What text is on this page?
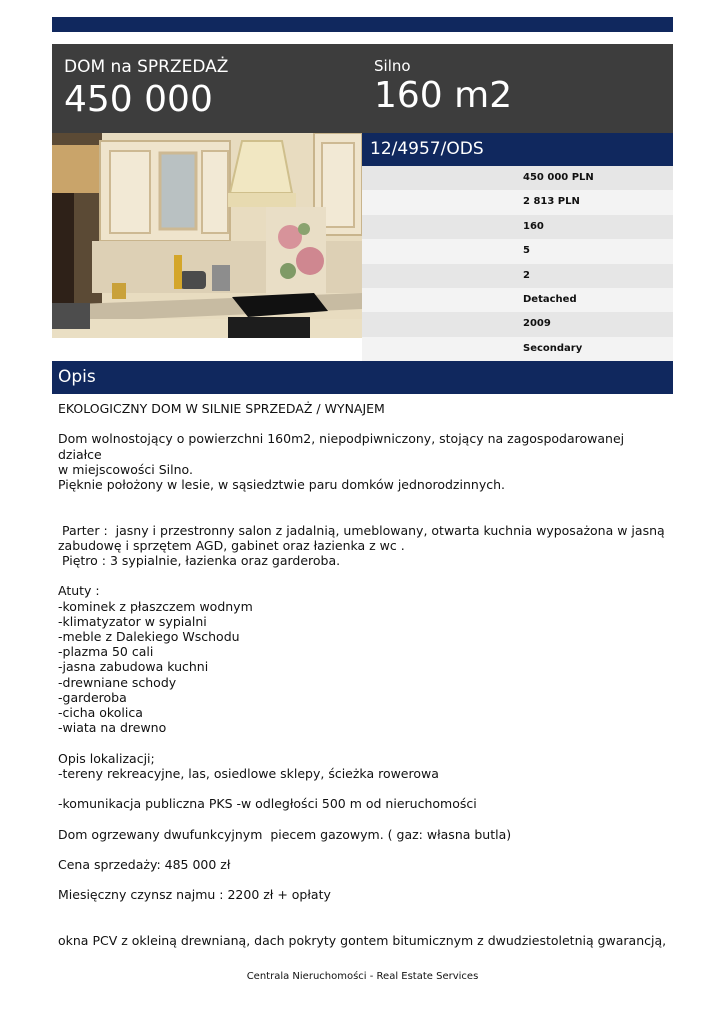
DOM na SPRZEDAŻ
450 000
Silno
160 m2
12/4957/ODS
450 000 PLN
2 813 PLN
160
5
2
Detached
2009
Secondary
Opis

EKOLOGICZNY DOM W SILNIE SPRZEDAŻ / WYNAJEM

Dom wolnostojący o powierzchni 160m2, niepodpiwniczony, stojący na zagospodarowanej działce

w miejscowości Silno.

Pięknie położony w lesie, w sąsiedztwie paru domków jednorodzinnych.

Parter :  jasny i przestronny salon z jadalnią, umeblowany, otwarta kuchnia wyposażona w jasną

zabudowę i sprzętem AGD, gabinet oraz łazienka z wc .

Piętro : 3 sypialnie, łazienka oraz garderoba.

Atuty :

-kominek z płaszczem wodnym

-klimatyzator w sypialni

-meble z Dalekiego Wschodu

-plazma 50 cali

-jasna zabudowa kuchni

-drewniane schody

-garderoba

-cicha okolica

-wiata na drewno

Opis lokalizacji;

-tereny rekreacyjne, las, osiedlowe sklepy, ścieżka rowerowa

-komunikacja publiczna PKS -w odległości 500 m od nieruchomości

Dom ogrzewany dwufunkcyjnym  piecem gazowym. ( gaz: własna butla)

Cena sprzedaży: 485 000 zł

Miesięczny czynsz najmu : 2200 zł + opłaty

okna PCV z okleiną drewnianą, dach pokryty gontem bitumicznym z dwudziestoletnią gwarancją,

Centrala Nieruchomości - Real Estate Services
